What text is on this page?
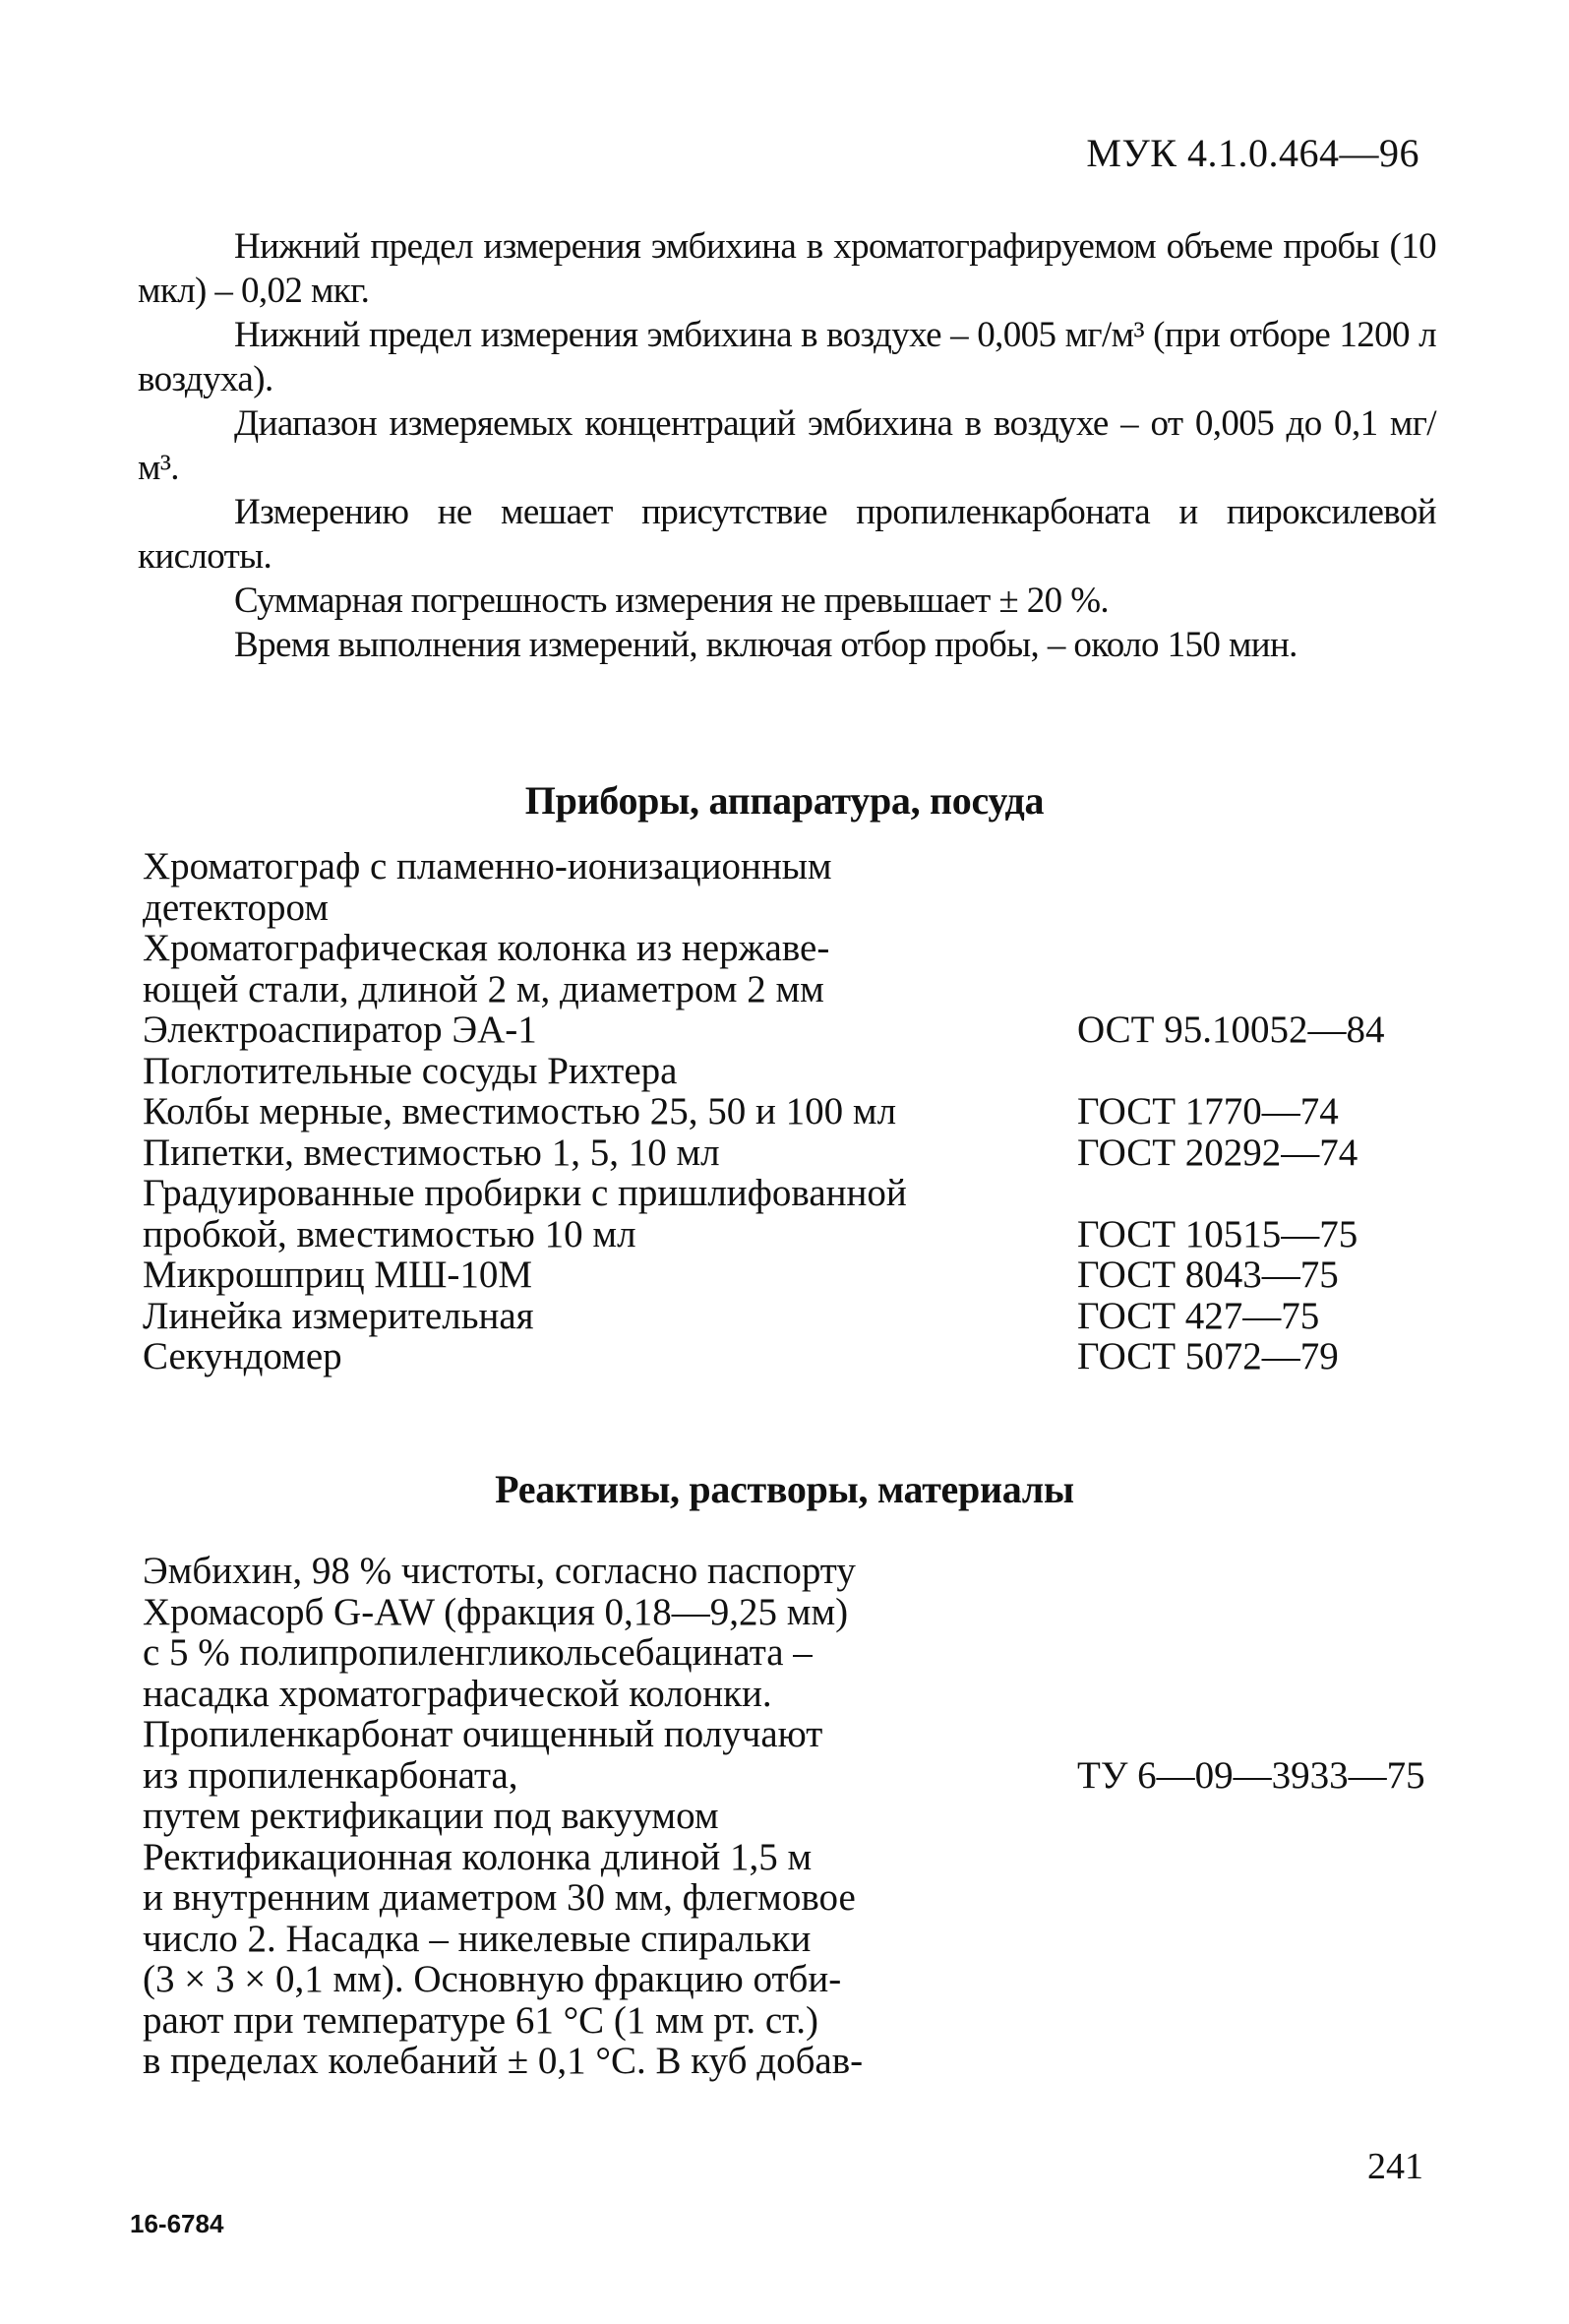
МУК 4.1.0.464—96

Нижний предел измерения эмбихина в хроматографируемом объеме пробы (10 мкл) – 0,02 мкг.

Нижний предел измерения эмбихина в воздухе – 0,005 мг/м³ (при отборе 1200 л воздуха).

Диапазон измеряемых концентраций эмбихина в воздухе – от 0,005 до 0,1 мг/м³.

Измерению не мешает присутствие пропиленкарбоната и пироксилевой кислоты.

Суммарная погрешность измерения не превышает ± 20 %.

Время выполнения измерений, включая отбор пробы, – около 150 мин.

Приборы, аппаратура, посуда
Хроматограф с пламенно-ионизационным
детектором
Хроматографическая колонка из нержаве-
ющей стали, длиной 2 м, диаметром 2 мм
Электроаспиратор ЭА-1	ОСТ 95.10052—84
Поглотительные сосуды Рихтера
Колбы мерные, вместимостью 25, 50 и 100 мл	ГОСТ 1770—74
Пипетки, вместимостью 1, 5, 10 мл	ГОСТ 20292—74
Градуированные пробирки с пришлифованной
пробкой, вместимостью 10 мл	ГОСТ 10515—75
Микрошприц МШ-10М	ГОСТ 8043—75
Линейка измерительная	ГОСТ 427—75
Секундомер	ГОСТ 5072—79
Реактивы, растворы, материалы
Эмбихин, 98 % чистоты, согласно паспорту
Хромасорб G-AW (фракция 0,18—9,25 мм)
с 5 % полипропиленгликольсебацината –
насадка хроматографической колонки.
Пропиленкарбонат очищенный получают
из пропиленкарбоната,	ТУ 6—09—3933—75
путем ректификации под вакуумом
Ректификационная колонка длиной 1,5 м
и внутренним диаметром 30 мм, флегмовое
число 2. Насадка – никелевые спиральки
(3 × 3 × 0,1 мм). Основную фракцию отби-
рают при температуре 61 °С (1 мм рт. ст.)
в пределах колебаний ± 0,1 °С. В куб добав-
241
16-6784
